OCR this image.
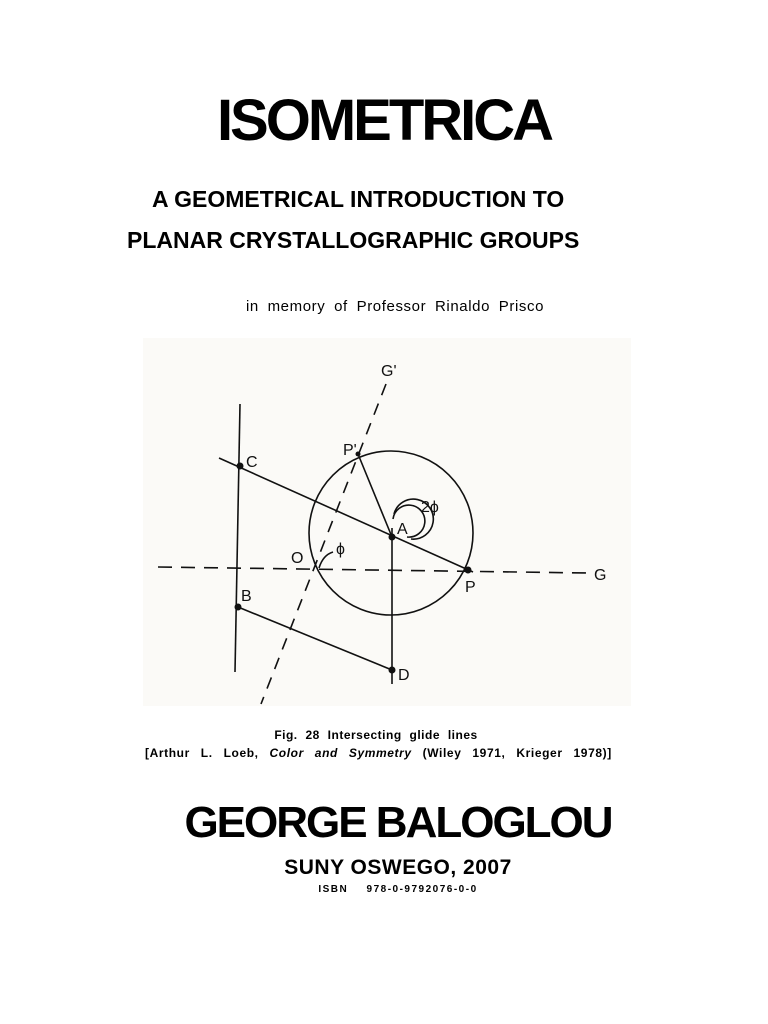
ISOMETRICA
A GEOMETRICAL INTRODUCTION TO
PLANAR CRYSTALLOGRAPHIC GROUPS
in memory of Professor Rinaldo Prisco
G'
P'
C
2ϕ
A
O
ϕ
G
P
B
D
Fig. 28 Intersecting glide lines
[Arthur L. Loeb, Color and Symmetry (Wiley 1971, Krieger 1978)]
GEORGE BALOGLOU
SUNY OSWEGO, 2007
ISBN 978-0-9792076-0-0
